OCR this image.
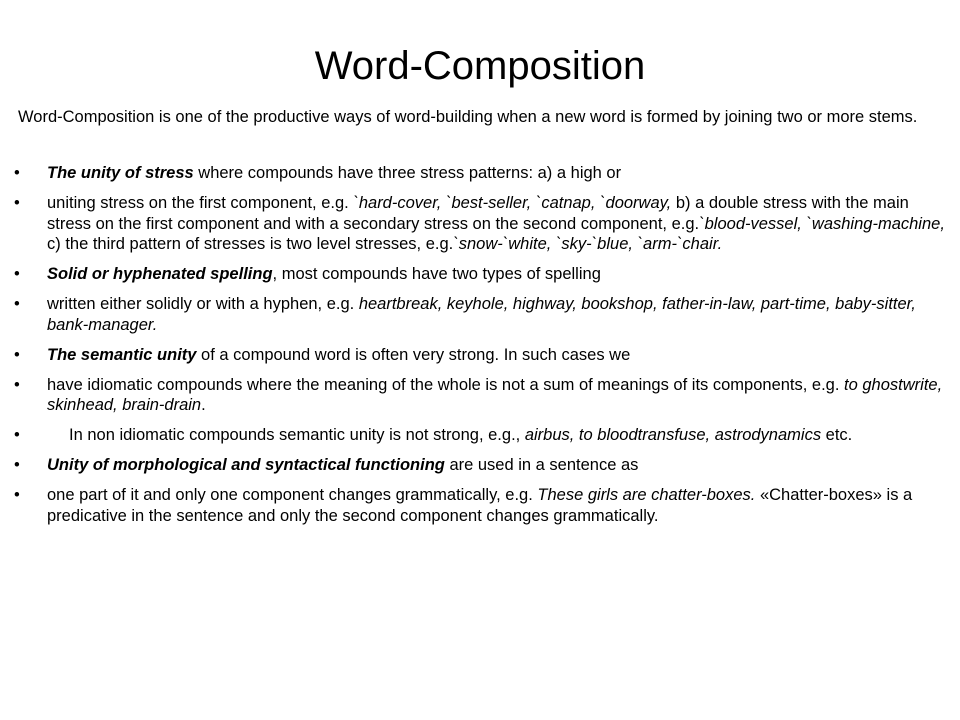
Word-Composition
Word-Composition is one of the productive ways of word-building when a new word is formed by joining two or more stems.
•	The unity of stress where compounds have three stress patterns: a) a high or
•	uniting stress on the first component, e.g. `hard-cover, `best-seller, `catnap, `doorway, b) a double stress with the main stress on the first component and with a secondary stress on the second component, e.g.`blood-vessel, `washing-machine, c) the third pattern of stresses is two level stresses, e.g.`snow-`white, `sky-`blue, `arm-`chair.
•	Solid or hyphenated spelling, most compounds have two types of spelling
•	written either solidly or with a hyphen, e.g. heartbreak, keyhole, highway, bookshop, father-in-law, part-time, baby-sitter, bank-manager.
•	The semantic unity of a compound word is often very strong. In such cases we
•	have idiomatic compounds where the meaning of the whole is not a sum of meanings of its components, e.g. to ghostwrite, skinhead, brain-drain.
•	In non idiomatic compounds semantic unity is not strong, e.g., airbus, to bloodtransfuse, astrodynamics etc.
•	Unity of morphological and syntactical functioning are used in a sentence as
•	one part of it and only one component changes grammatically, e.g. These girls are chatter-boxes. «Chatter-boxes» is a predicative in the sentence and only the second component changes grammatically.
